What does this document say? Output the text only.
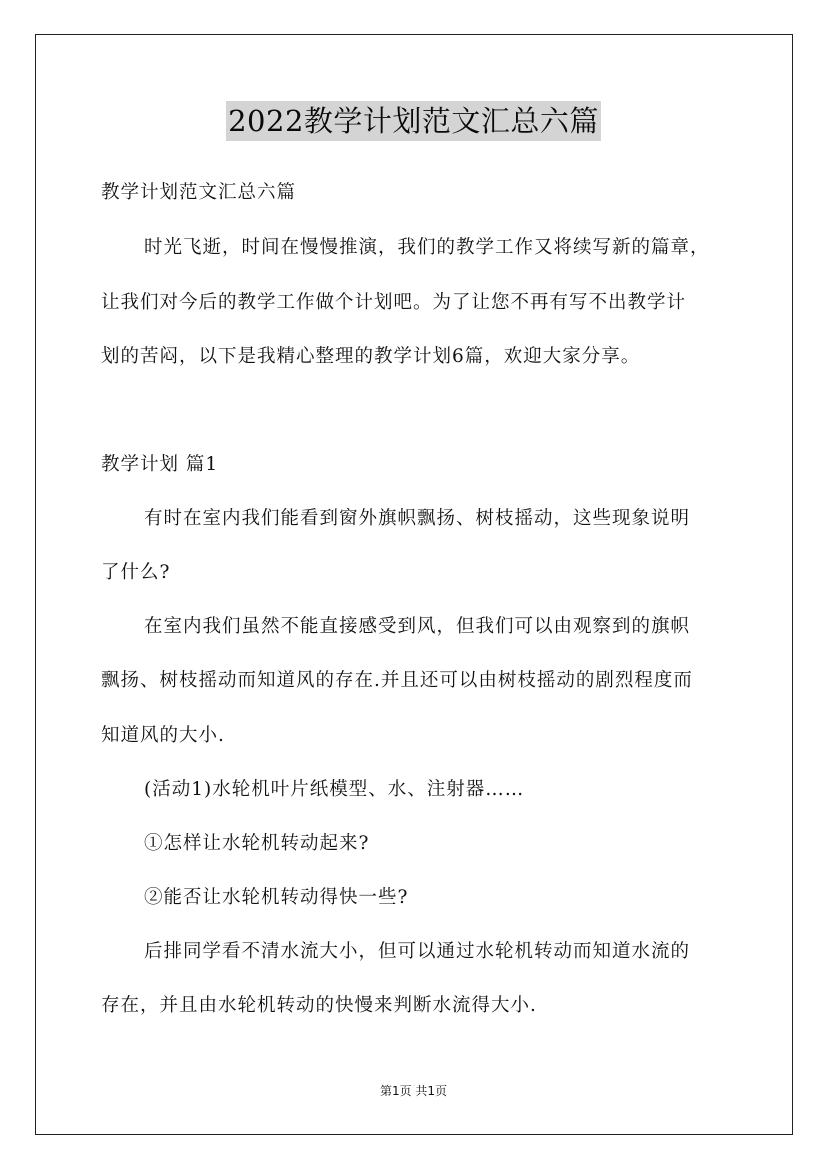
2022教学计划范文汇总六篇
教学计划范文汇总六篇
时光飞逝，时间在慢慢推演，我们的教学工作又将续写新的篇章，
让我们对今后的教学工作做个计划吧。为了让您不再有写不出教学计
划的苦闷，以下是我精心整理的教学计划6篇，欢迎大家分享。
教学计划 篇1
有时在室内我们能看到窗外旗帜飘扬、树枝摇动，这些现象说明
了什么?
在室内我们虽然不能直接感受到风，但我们可以由观察到的旗帜
飘扬、树枝摇动而知道风的存在.并且还可以由树枝摇动的剧烈程度而
知道风的大小.
(活动1)水轮机叶片纸模型、水、注射器……
①怎样让水轮机转动起来?
②能否让水轮机转动得快一些?
后排同学看不清水流大小，但可以通过水轮机转动而知道水流的
存在，并且由水轮机转动的快慢来判断水流得大小.
第1页 共1页
